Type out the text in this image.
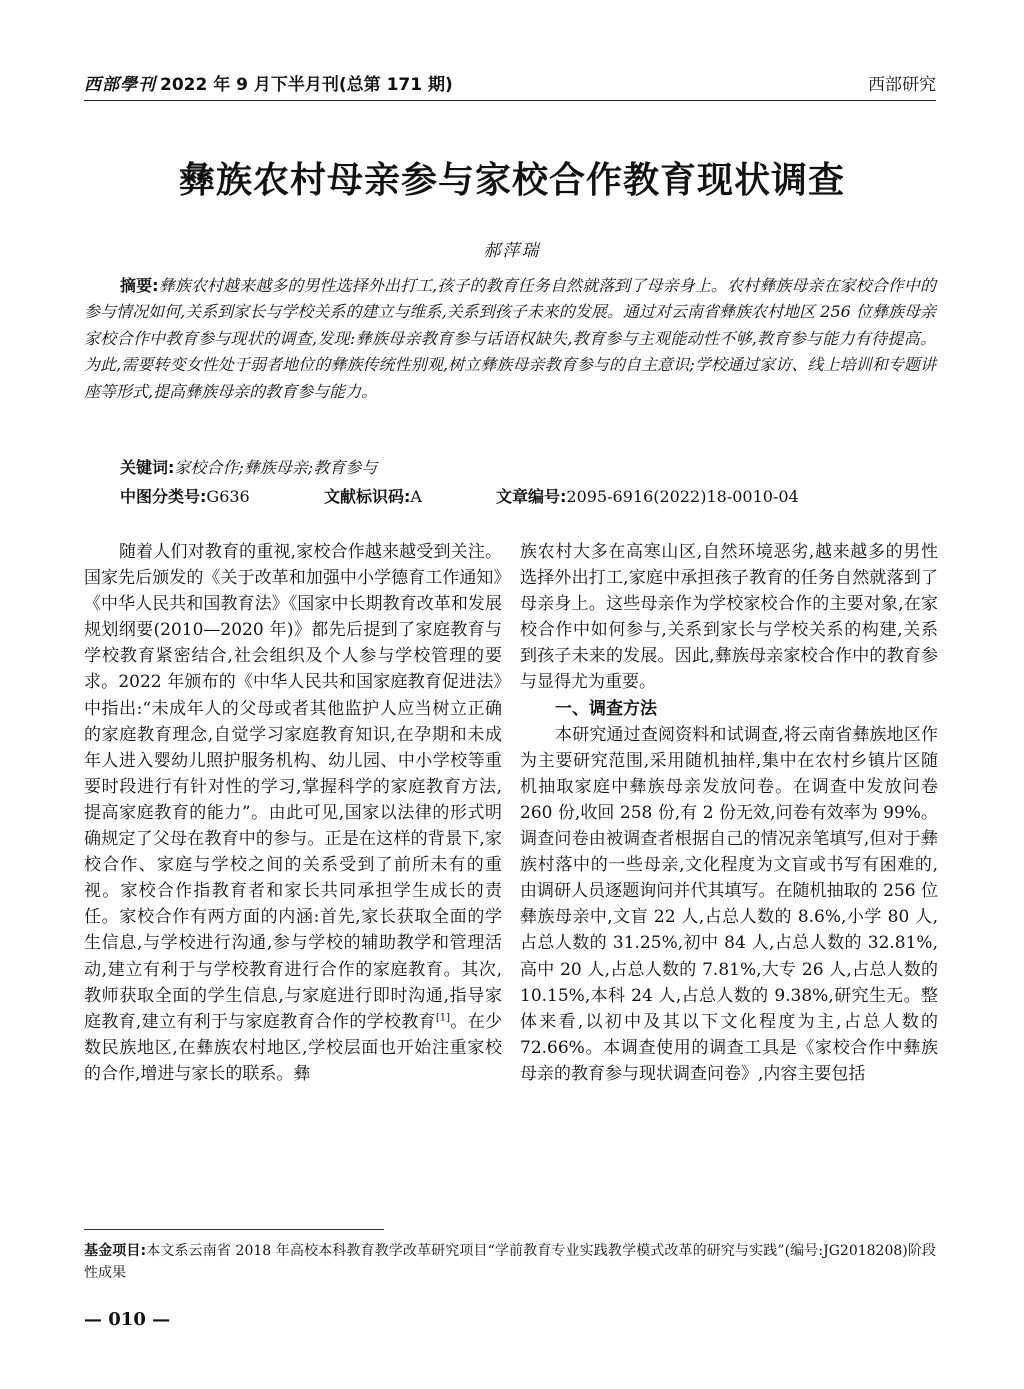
西部學刊 2022 年 9 月下半月刊(总第 171 期)	西部研究
彝族农村母亲参与家校合作教育现状调查
郝萍瑞
摘要:彝族农村越来越多的男性选择外出打工,孩子的教育任务自然就落到了母亲身上。农村彝族母亲在家校合作中的参与情况如何,关系到家长与学校关系的建立与维系,关系到孩子未来的发展。通过对云南省彝族农村地区 256 位彝族母亲家校合作中教育参与现状的调查,发现:彝族母亲教育参与话语权缺失,教育参与主观能动性不够,教育参与能力有待提高。为此,需要转变女性处于弱者地位的彝族传统性别观,树立彝族母亲教育参与的自主意识;学校通过家访、线上培训和专题讲座等形式,提高彝族母亲的教育参与能力。
关键词:家校合作;彝族母亲;教育参与
中图分类号:G636	文献标识码:A	文章编号:2095-6916(2022)18-0010-04

随着人们对教育的重视,家校合作越来越受到关注。国家先后颁发的《关于改革和加强中小学德育工作通知》《中华人民共和国教育法》《国家中长期教育改革和发展规划纲要(2010—2020 年)》都先后提到了家庭教育与学校教育紧密结合,社会组织及个人参与学校管理的要求。2022 年颁布的《中华人民共和国家庭教育促进法》中指出:“未成年人的父母或者其他监护人应当树立正确的家庭教育理念,自觉学习家庭教育知识,在孕期和未成年人进入婴幼儿照护服务机构、幼儿园、中小学校等重要时段进行有针对性的学习,掌握科学的家庭教育方法,提高家庭教育的能力”。由此可见,国家以法律的形式明确规定了父母在教育中的参与。正是在这样的背景下,家校合作、家庭与学校之间的关系受到了前所未有的重视。家校合作指教育者和家长共同承担学生成长的责任。家校合作有两方面的内涵:首先,家长获取全面的学生信息,与学校进行沟通,参与学校的辅助教学和管理活动,建立有利于与学校教育进行合作的家庭教育。其次,教师获取全面的学生信息,与家庭进行即时沟通,指导家庭教育,建立有利于与家庭教育合作的学校教育[1]。在少数民族地区,在彝族农村地区,学校层面也开始注重家校的合作,增进与家长的联系。彝

族农村大多在高寒山区,自然环境恶劣,越来越多的男性选择外出打工,家庭中承担孩子教育的任务自然就落到了母亲身上。这些母亲作为学校家校合作的主要对象,在家校合作中如何参与,关系到家长与学校关系的构建,关系到孩子未来的发展。因此,彝族母亲家校合作中的教育参与显得尤为重要。

一、调查方法

本研究通过查阅资料和试调查,将云南省彝族地区作为主要研究范围,采用随机抽样,集中在农村乡镇片区随机抽取家庭中彝族母亲发放问卷。在调查中发放问卷 260 份,收回 258 份,有 2 份无效,问卷有效率为 99%。调查问卷由被调查者根据自己的情况亲笔填写,但对于彝族村落中的一些母亲,文化程度为文盲或书写有困难的,由调研人员逐题询问并代其填写。在随机抽取的 256 位彝族母亲中,文盲 22 人,占总人数的 8.6%,小学 80 人,占总人数的 31.25%,初中 84 人,占总人数的 32.81%,高中 20 人,占总人数的 7.81%,大专 26 人,占总人数的 10.15%,本科 24 人,占总人数的 9.38%,研究生无。整体来看,以初中及其以下文化程度为主,占总人数的 72.66%。本调查使用的调查工具是《家校合作中彝族母亲的教育参与现状调查问卷》,内容主要包括

基金项目:本文系云南省 2018 年高校本科教育教学改革研究项目“学前教育专业实践教学模式改革的研究与实践”(编号:JG2018208)阶段性成果
— 010 —
